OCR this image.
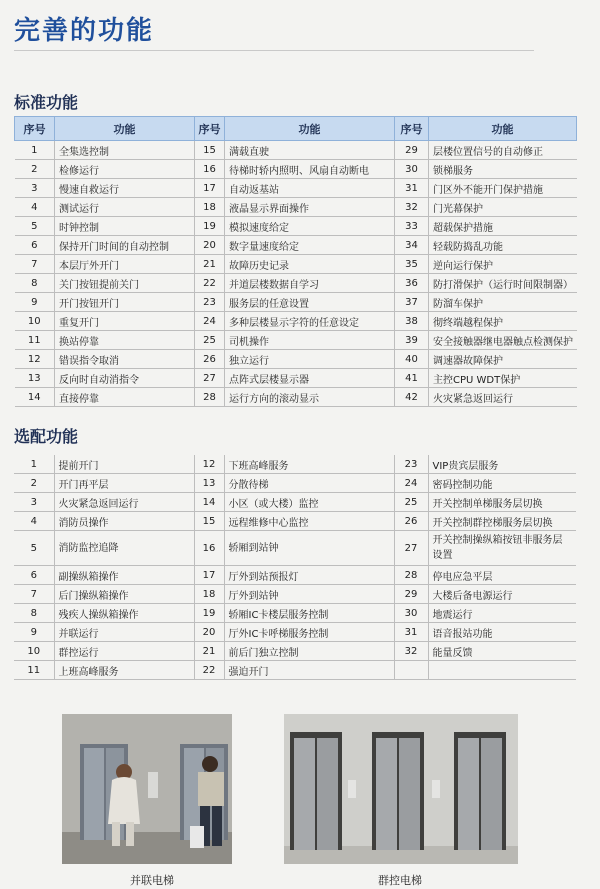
完善的功能
标准功能
序号	功能	序号	功能	序号	功能
1	全集选控制	15	满载直驶	29	层楼位置信号的自动修正
2	检修运行	16	待梯时轿内照明、风扇自动断电	30	锁梯服务
3	慢速自救运行	17	自动返基站	31	门区外不能开门保护措施
4	测试运行	18	液晶显示界面操作	32	门光幕保护
5	时钟控制	19	模拟速度给定	33	超载保护措施
6	保持开门时间的自动控制	20	数字量速度给定	34	轻载防捣乱功能
7	本层厅外开门	21	故障历史记录	35	逆向运行保护
8	关门按钮提前关门	22	并道层楼数据自学习	36	防打滑保护（运行时间限制器）
9	开门按钮开门	23	服务层的任意设置	37	防溜车保护
10	重复开门	24	多种层楼显示字符的任意设定	38	彻终端越程保护
11	换站停靠	25	司机操作	39	安全接触器继电器触点检测保护
12	错误指令取消	26	独立运行	40	调速器故障保护
13	反向时自动消指令	27	点阵式层楼显示器	41	主控CPU WDT保护
14	直接停靠	28	运行方向的滚动显示	42	火灾紧急返回运行
选配功能
1	提前开门	12	下班高峰服务	23	VIP贵宾层服务
2	开门再平层	13	分散待梯	24	密码控制功能
3	火灾紧急返回运行	14	小区（或大楼）监控	25	开关控制单梯服务层切换
4	消防员操作	15	远程维修中心监控	26	开关控制群控梯服务层切换
5	消防监控追降	16	轿厢到站钟	27	开关控制操纵箱按钮非服务层设置
6	副操纵箱操作	17	厅外到站预报灯	28	停电应急平层
7	后门操纵箱操作	18	厅外到站钟	29	大楼后备电源运行
8	残疾人操纵箱操作	19	轿厢IC卡楼层服务控制	30	地震运行
9	并联运行	20	厅外IC卡呼梯服务控制	31	语音报站功能
10	群控运行	21	前后门独立控制	32	能量反馈
11	上班高峰服务	22	强迫开门		
并联电梯	群控电梯
